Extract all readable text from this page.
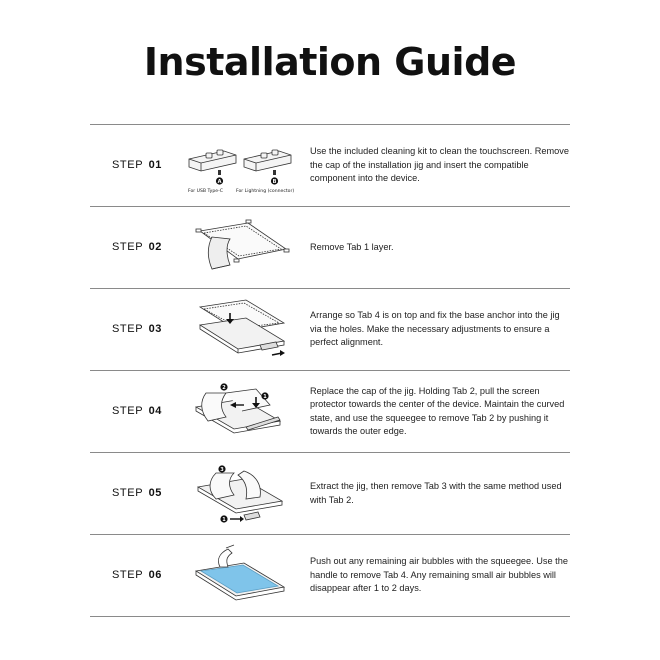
Installation Guide
STEP 01
A	B
For USB Type-C	For Lightning (connector)
Use the included cleaning kit to clean the touchscreen. Remove the cap of the installation jig and insert the compatible component into the device.
STEP 02	Remove Tab 1 layer.
STEP 03
Arrange so Tab 4 is on top and fix the base anchor into the jig via the holes. Make the necessary adjustments to ensure a perfect alignment.
STEP 04
2
1
Replace the cap of the jig. Holding Tab 2, pull the screen protector towards the center of the device. Maintain the curved state, and use the squeegee to remove Tab 2 by pushing it towards the outer edge.
STEP 05
3
1
Extract the jig, then remove Tab 3 with the same method used with Tab 2.
STEP 06
Push out any remaining air bubbles with the squeegee. Use the handle to remove Tab 4. Any remaining small air bubbles will disappear after 1 to 2 days.
